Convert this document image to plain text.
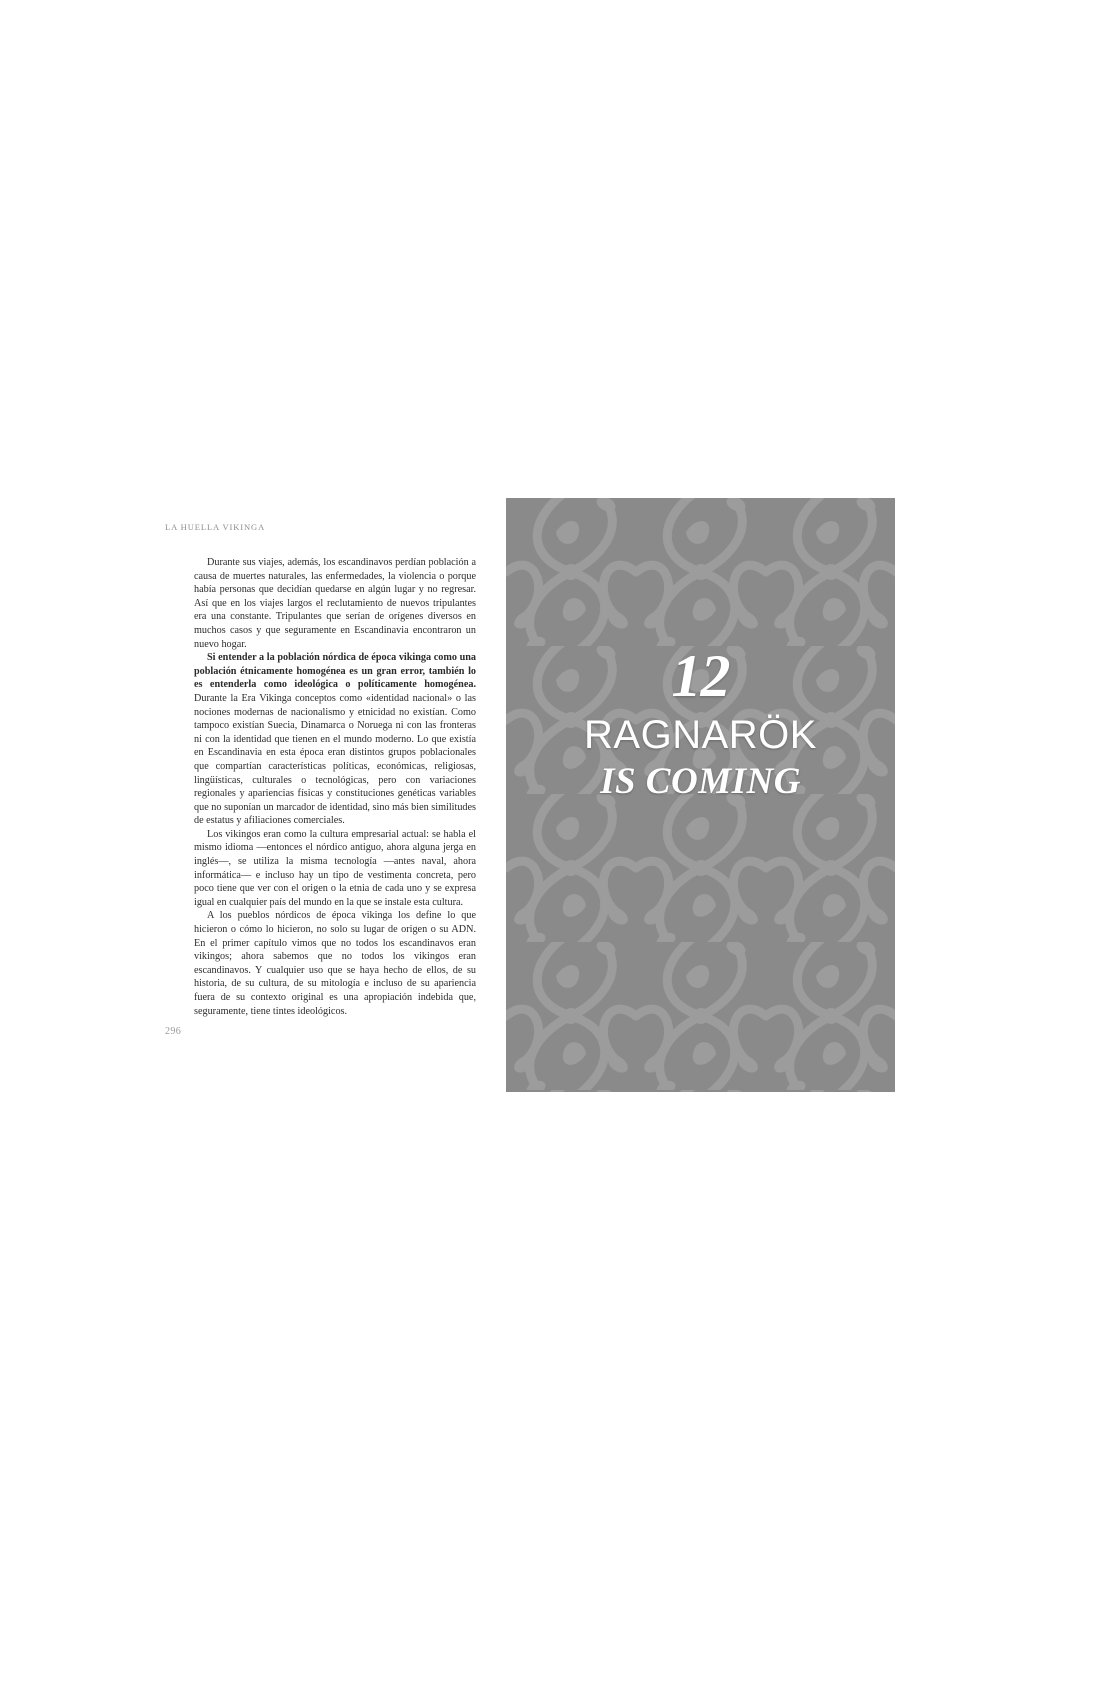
LA HUELLA VIKINGA

Durante sus viajes, además, los escandinavos perdían población a causa de muertes naturales, las enfermedades, la violencia o porque había personas que decidían quedarse en algún lugar y no regresar. Así que en los viajes largos el reclutamiento de nuevos tripulantes era una constante. Tripulantes que serían de orígenes diversos en muchos casos y que seguramente en Escandinavia encontraron un nuevo hogar.

Si entender a la población nórdica de época vikinga como una población étnicamente homogénea es un gran error, también lo es entenderla como ideológica o políticamente homogénea. Durante la Era Vikinga conceptos como «identidad nacional» o las nociones modernas de nacionalismo y etnicidad no existían. Como tampoco existían Suecia, Dinamarca o Noruega ni con las fronteras ni con la identidad que tienen en el mundo moderno. Lo que existía en Escandinavia en esta época eran distintos grupos poblacionales que compartían características políticas, económicas, religiosas, lingüísticas, culturales o tecnológicas, pero con variaciones regionales y apariencias físicas y constituciones genéticas variables que no suponían un marcador de identidad, sino más bien similitudes de estatus y afiliaciones comerciales.

Los vikingos eran como la cultura empresarial actual: se habla el mismo idioma —entonces el nórdico antiguo, ahora alguna jerga en inglés—, se utiliza la misma tecnología —antes naval, ahora informática— e incluso hay un tipo de vestimenta concreta, pero poco tiene que ver con el origen o la etnia de cada uno y se expresa igual en cualquier país del mundo en la que se instale esta cultura.

A los pueblos nórdicos de época vikinga los define lo que hicieron o cómo lo hicieron, no solo su lugar de origen o su ADN. En el primer capítulo vimos que no todos los escandinavos eran vikingos; ahora sabemos que no todos los vikingos eran escandinavos. Y cualquier uso que se haya hecho de ellos, de su historia, de su cultura, de su mitología e incluso de su apariencia fuera de su contexto original es una apropiación indebida que, seguramente, tiene tintes ideológicos.

296
12
RAGNARÖK
IS COMING
